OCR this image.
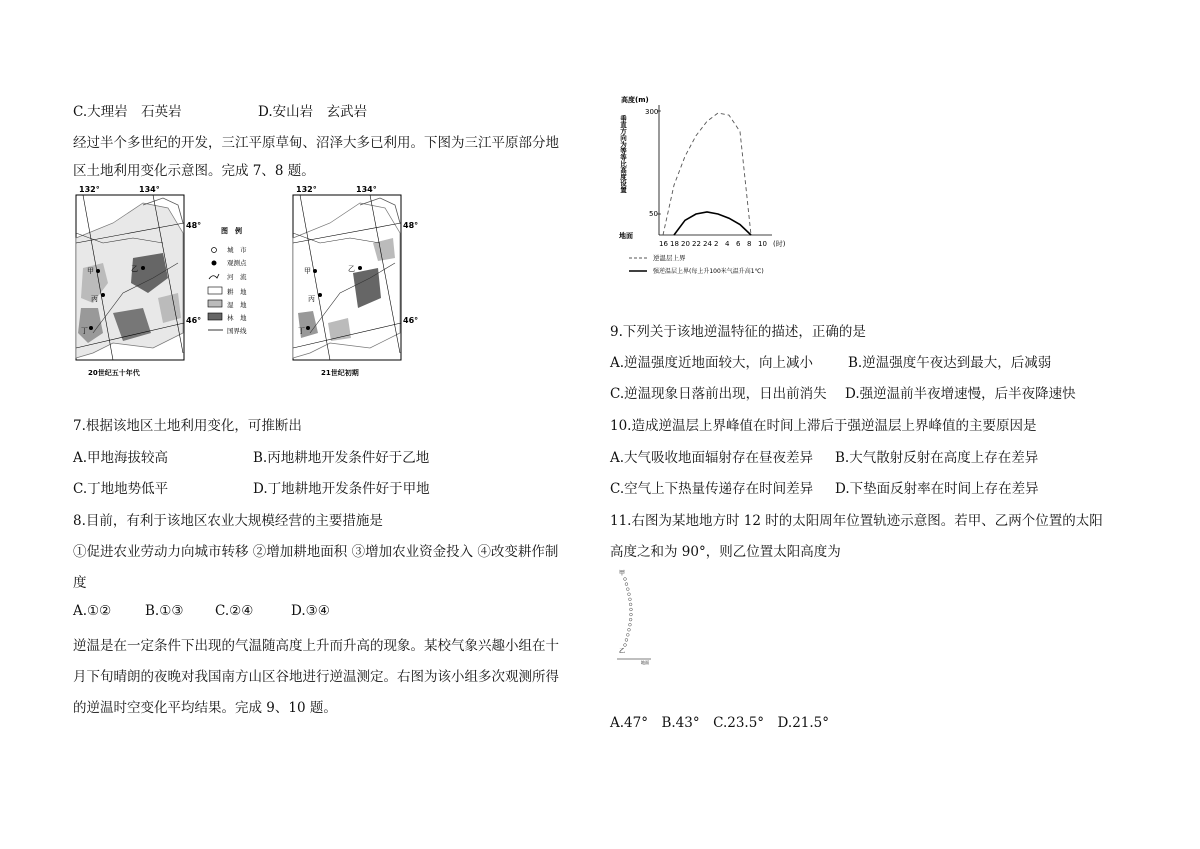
C.大理岩　石英岩	D.安山岩　玄武岩
经过半个多世纪的开发，三江平原草甸、沼泽大多已利用。下图为三江平原部分地
区土地利用变化示意图。完成 7、8 题。
7.根据该地区土地利用变化，可推断出
A.甲地海拔较高	B.丙地耕地开发条件好于乙地
C.丁地地势低平	D.丁地耕地开发条件好于甲地
8.目前，有利于该地区农业大规模经营的主要措施是
①促进农业劳动力向城市转移 ②增加耕地面积 ③增加农业资金投入 ④改变耕作制
度
A.①②	B.①③ C.②④	D.③④
逆温是在一定条件下出现的气温随高度上升而升高的现象。某校气象兴趣小组在十
月下旬晴朗的夜晚对我国南方山区谷地进行逆温测定。右图为该小组多次观测所得
的逆温时空变化平均结果。完成 9、10 题。
甲	乙
丙
丁
132°	134°
48°
46°
20世纪五十年代
图　例
城　市
观测点
河　流
耕　地
湿　地
林　地
国界线
甲	乙
丙
丁
132°	134°
48°
46°
21世纪初期
高度(m)
垂直方向为等等比高度设置
300
50
地面
16 18 20 22 24 2 4 6 8 10 (时)
逆温层上界
强逆温层上界(每上升100米气温升高1℃)
9.下列关于该地逆温特征的描述，正确的是
A.逆温强度近地面较大，向上减小	B.逆温强度午夜达到最大，后减弱
C.逆温现象日落前出现，日出前消失 D.强逆温前半夜增速慢，后半夜降速快
10.造成逆温层上界峰值在时间上滞后于强逆温层上界峰值的主要原因是
A.大气吸收地面辐射存在昼夜差异 B.大气散射反射在高度上存在差异
C.空气上下热量传递存在时间差异 D.下垫面反射率在时间上存在差异
11.右图为某地地方时 12 时的太阳周年位置轨迹示意图。若甲、乙两个位置的太阳
高度之和为 90°，则乙位置太阳高度为
A.47°　B.43°　C.23.5°　D.21.5°
甲
乙
地面
